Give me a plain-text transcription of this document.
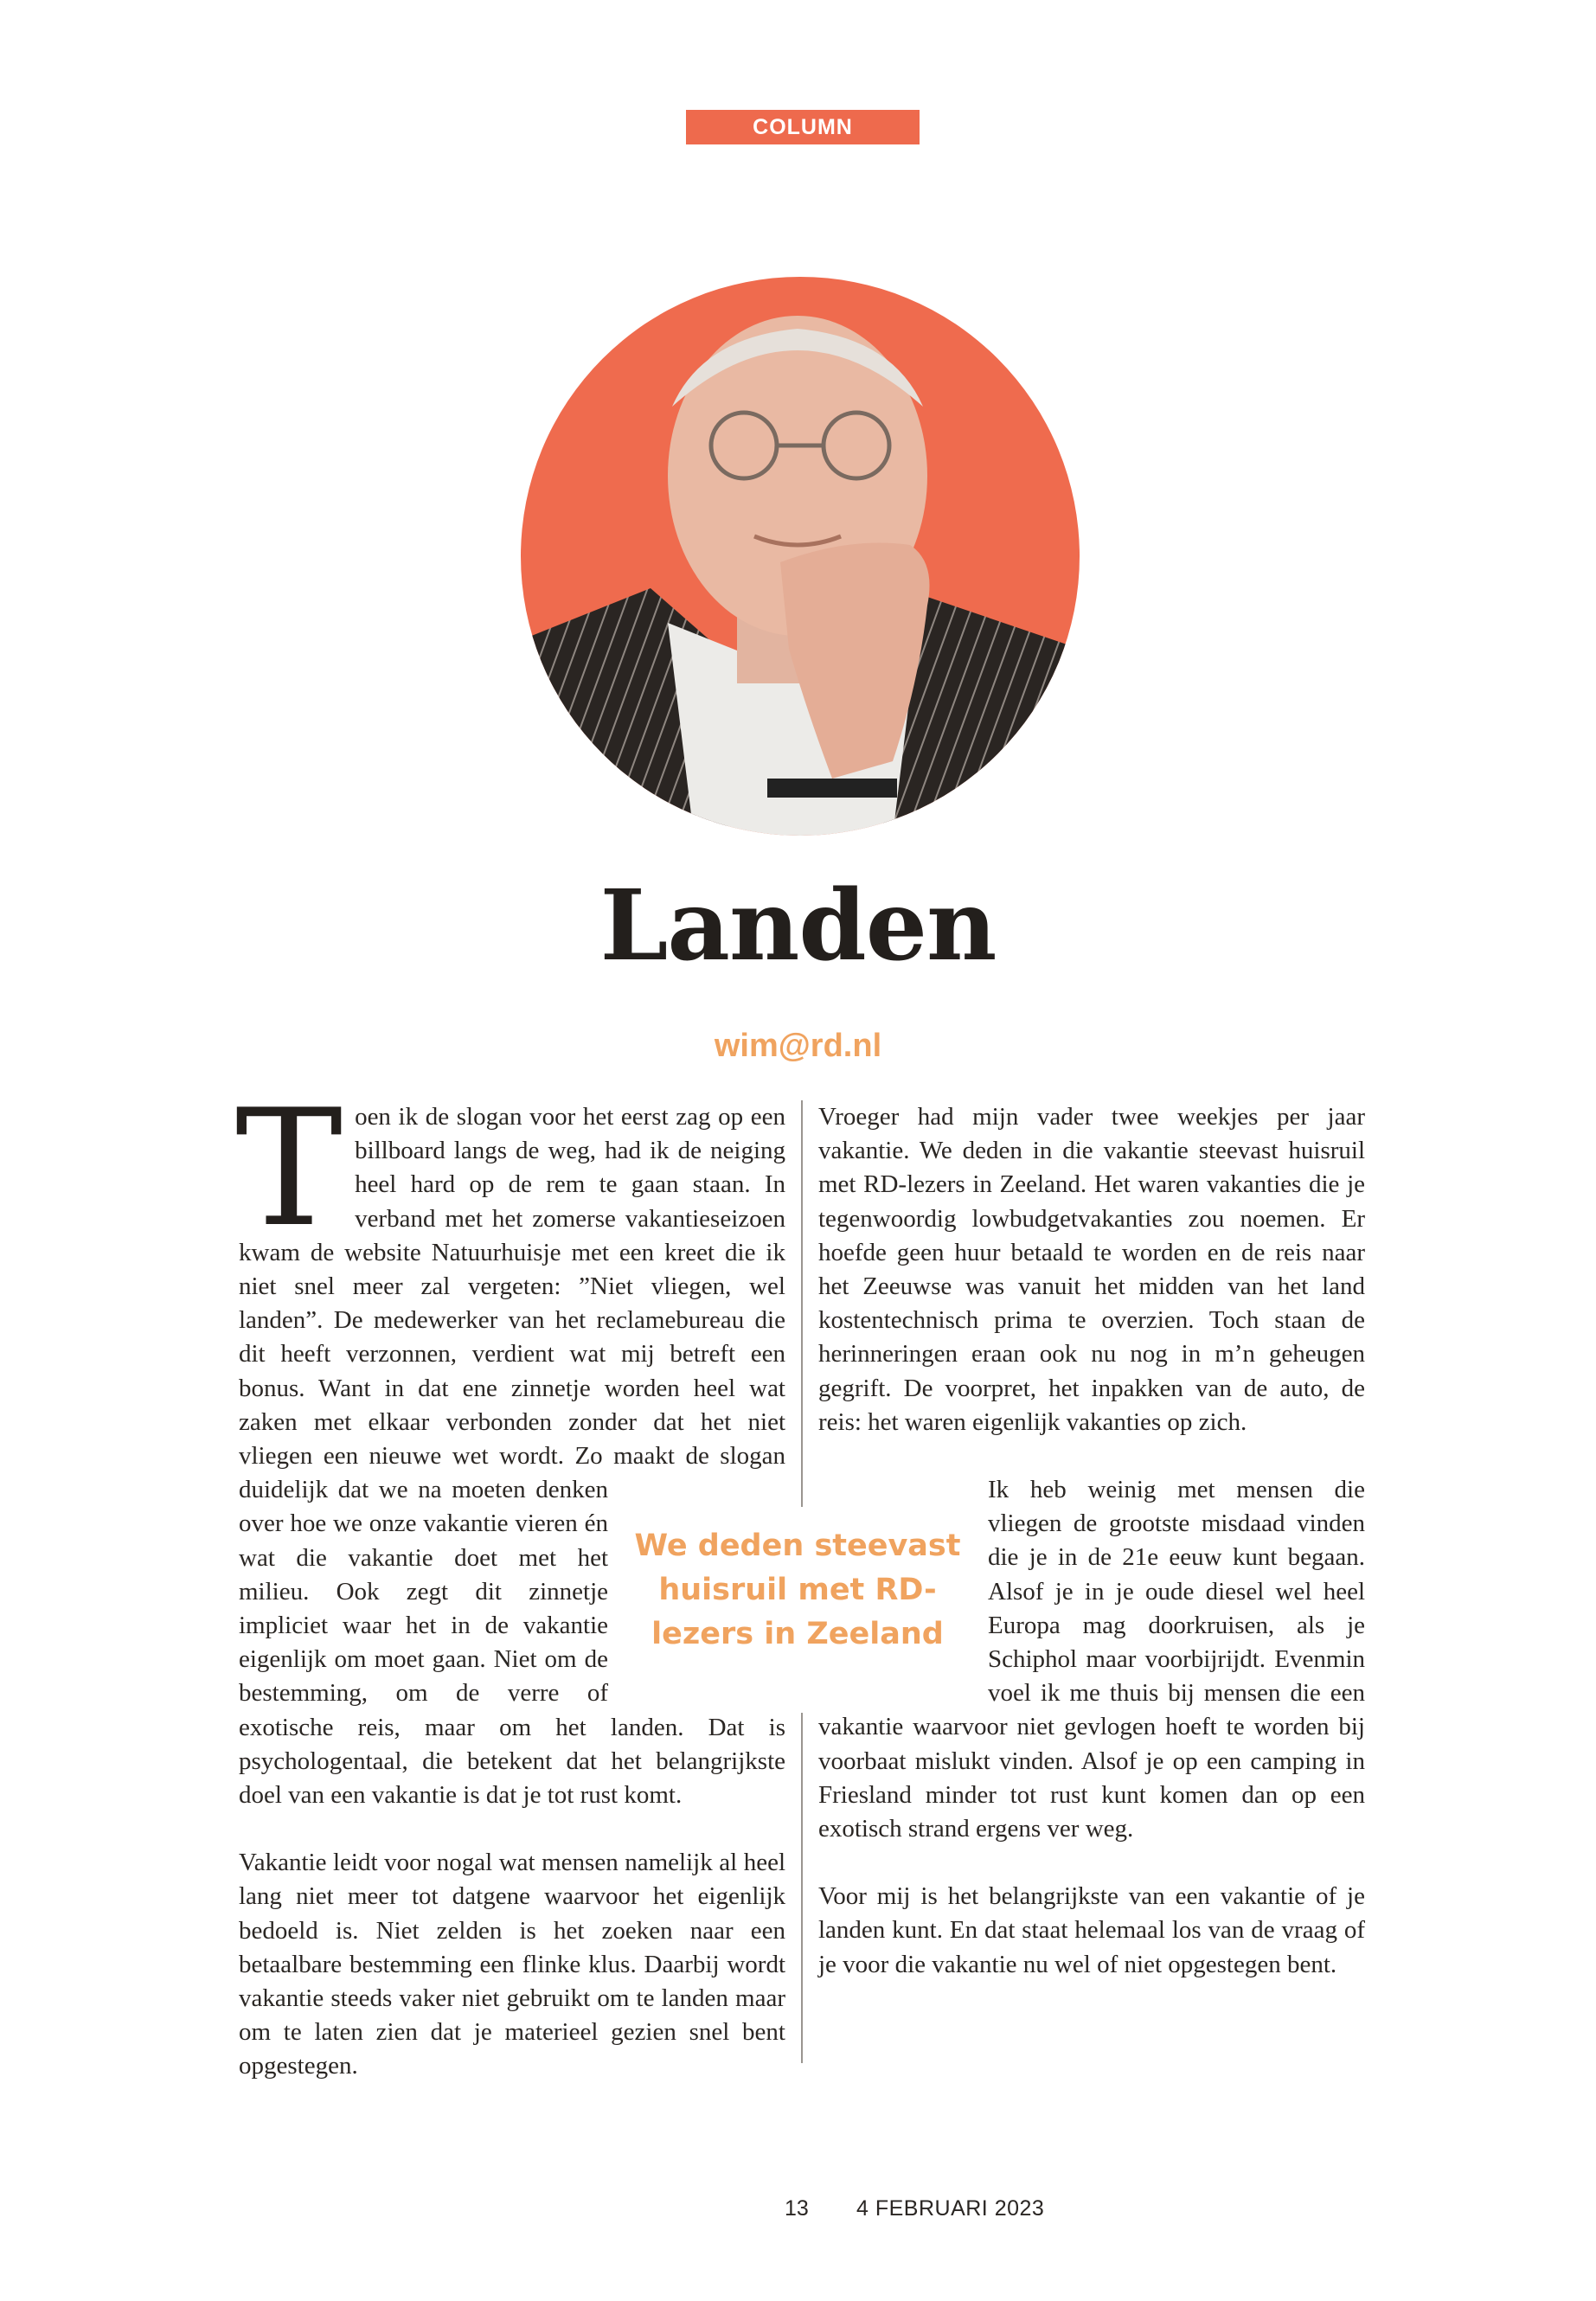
COLUMN
Landen
wim@rd.nl
T oen ik de slogan voor het eerst zag op een billboard langs de weg, had ik de neiging heel hard op de rem te gaan staan. In verband met het zomerse vakantieseizoen kwam de website Natuurhuisje met een kreet die ik niet snel meer zal vergeten: ”Niet vliegen, wel landen”. De medewerker van het reclamebureau die dit heeft verzonnen, verdient wat mij betreft een bonus. Want in dat ene zinnetje worden heel wat zaken met elkaar verbonden zonder dat het niet vliegen een nieuwe wet wordt. Zo maakt de slogan duidelijk dat we na moeten denken over hoe we onze vakantie vieren én wat die vakantie doet met het milieu. Ook zegt dit zinnetje impliciet waar het in de vakantie eigenlijk om moet gaan. Niet om de bestemming, om de verre of exotische reis, maar om het landen. Dat is psychologentaal, die betekent dat het belangrijkste doel van een vakantie is dat je tot rust komt.

Vakantie leidt voor nogal wat mensen namelijk al heel lang niet meer tot datgene waarvoor het eigenlijk bedoeld is. Niet zelden is het zoeken naar een betaalbare bestemming een flinke klus. Daarbij wordt vakantie steeds vaker niet gebruikt om te landen maar om te laten zien dat je materieel gezien snel bent opgestegen.

Vroeger had mijn vader twee weekjes per jaar vakantie. We deden in die vakantie steevast huisruil met RD-lezers in Zeeland. Het waren vakanties die je tegenwoordig lowbudgetvakanties zou noemen. Er hoefde geen huur betaald te worden en de reis naar het Zeeuwse was vanuit het midden van het land kostentechnisch prima te overzien. Toch staan de herinneringen eraan ook nu nog in m’n geheugen gegrift. De voorpret, het inpakken van de auto, de reis: het waren eigenlijk vakanties op zich.

Ik heb weinig met mensen die vliegen de grootste misdaad vinden die je in de 21e eeuw kunt begaan. Alsof je in je oude diesel wel heel Europa mag doorkruisen, als je Schiphol maar voorbijrijdt. Evenmin voel ik me thuis bij mensen die een vakantie waarvoor niet gevlogen hoeft te worden bij voorbaat mislukt vinden. Alsof je op een camping in Friesland minder tot rust kunt komen dan op een exotisch strand ergens ver weg.

Voor mij is het belangrijkste van een vakantie of je landen kunt. En dat staat helemaal los van de vraag of je voor die vakantie nu wel of niet opgestegen bent.

We deden steevast huisruil met RD-lezers in Zeeland
13 4 FEBRUARI 2023
